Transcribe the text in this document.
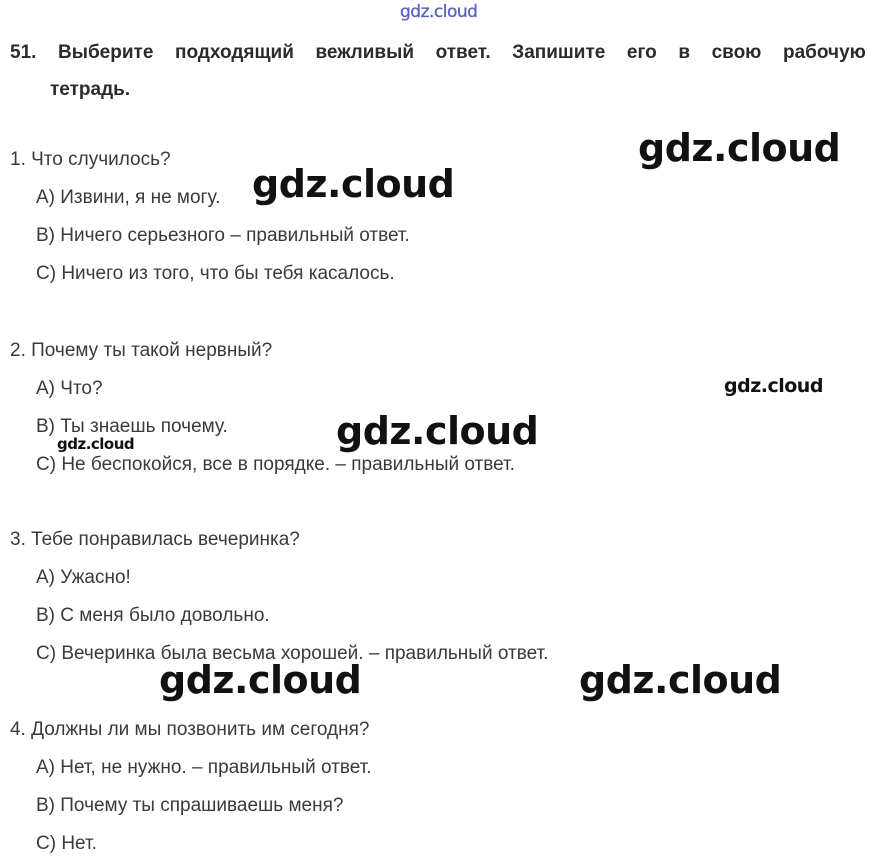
gdz.cloud
51. Выберите подходящий вежливый ответ. Запишите его в свою рабочую
тетрадь.
1. Что случилось?
A) Извини, я не могу.
B) Ничего серьезного – правильный ответ.
C) Ничего из того, что бы тебя касалось.
2. Почему ты такой нервный?
A) Что?
B) Ты знаешь почему.
C) Не беспокойся, все в порядке. – правильный ответ.
3. Тебе понравилась вечеринка?
A) Ужасно!
B) С меня было довольно.
C) Вечеринка была весьма хорошей. – правильный ответ.
4. Должны ли мы позвонить им сегодня?
A) Нет, не нужно. – правильный ответ.
B) Почему ты спрашиваешь меня?
C) Нет.
gdz.cloud
gdz.cloud
gdz.cloud
gdz.cloud
gdz.cloud
gdz.cloud	gdz.cloud
